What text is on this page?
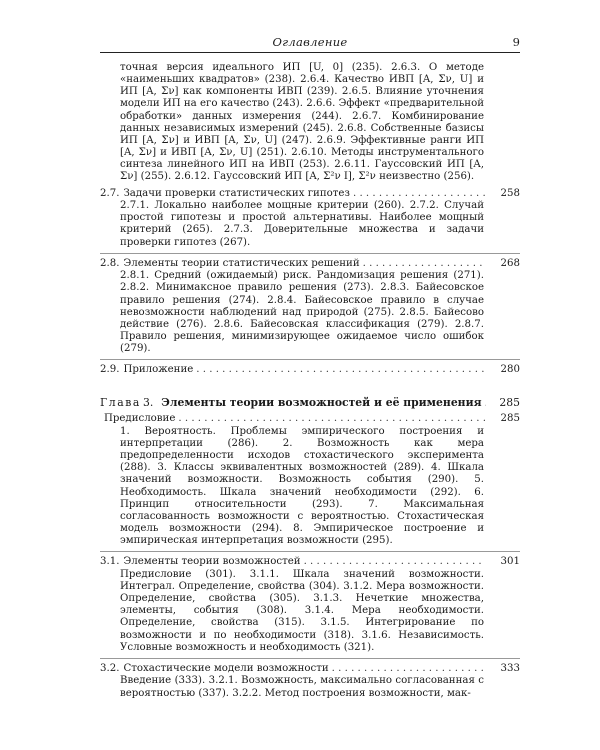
Оглавление	9

точная версия идеального ИП [U, 0] (235). 2.6.3. О методе «наименьших квадратов» (238). 2.6.4. Качество ИВП [A, Σν, U] и ИП [A, Σν] как компоненты ИВП (239). 2.6.5. Влияние уточнения модели ИП на его качество (243). 2.6.6. Эффект «предварительной обработки» данных измерения (244). 2.6.7. Комбинирование данных независимых измерений (245). 2.6.8. Собственные базисы ИП [A, Σν] и ИВП [A, Σν, U] (247). 2.6.9. Эффективные ранги ИП [A, Σν] и ИВП [A, Σν, U] (251). 2.6.10. Методы инструментального синтеза линейного ИП на ИВП (253). 2.6.11. Гауссовский ИП [A, Σν] (255). 2.6.12. Гауссовский ИП [A, Σ²ν I], Σ²ν неизвестно (256).

2.7. Задачи проверки статистических гипотез . . .	258

2.7.1. Локально наиболее мощные критерии (260). 2.7.2. Случай простой гипотезы и простой альтернативы. Наиболее мощный критерий (265). 2.7.3. Доверительные множества и задачи проверки гипотез (267).

2.8. Элементы теории статистических решений . . .	268

2.8.1. Средний (ожидаемый) риск. Рандомизация решения (271). 2.8.2. Минимаксное правило решения (273). 2.8.3. Байесовское правило решения (274). 2.8.4. Байесовское правило в случае невозможности наблюдений над природой (275). 2.8.5. Байесово действие (276). 2.8.6. Байесовская классификация (279). 2.8.7. Правило решения, минимизирующее ожидаемое число ошибок (279).

2.9. Приложение . . .	280
Глава 3. Элементы теории возможностей и её применения . . .	285
Предисловие . . .	285

1. Вероятность. Проблемы эмпирического построения и интерпретации (286). 2. Возможность как мера предопределенности исходов стохастического эксперимента (288). 3. Классы эквивалентных возможностей (289). 4. Шкала значений возможности. Возможность события (290). 5. Необходимость. Шкала значений необходимости (292). 6. Принцип относительности (293). 7. Максимальная согласованность возможности с вероятностью. Стохастическая модель возможности (294). 8. Эмпирическое построение и эмпирическая интерпретация возможности (295).

3.1. Элементы теории возможностей . . .	301

Предисловие (301). 3.1.1. Шкала значений возможности. Интеграл. Определение, свойства (304). 3.1.2. Мера возможности. Определение, свойства (305). 3.1.3. Нечеткие множества, элементы, события (308). 3.1.4. Мера необходимости. Определение, свойства (315). 3.1.5. Интегрирование по возможности и по необходимости (318). 3.1.6. Независимость. Условные возможность и необходимость (321).

3.2. Стохастические модели возможности . . .	333

Введение (333). 3.2.1. Возможность, максимально согласованная с вероятностью (337). 3.2.2. Метод построения возможности, мак-
